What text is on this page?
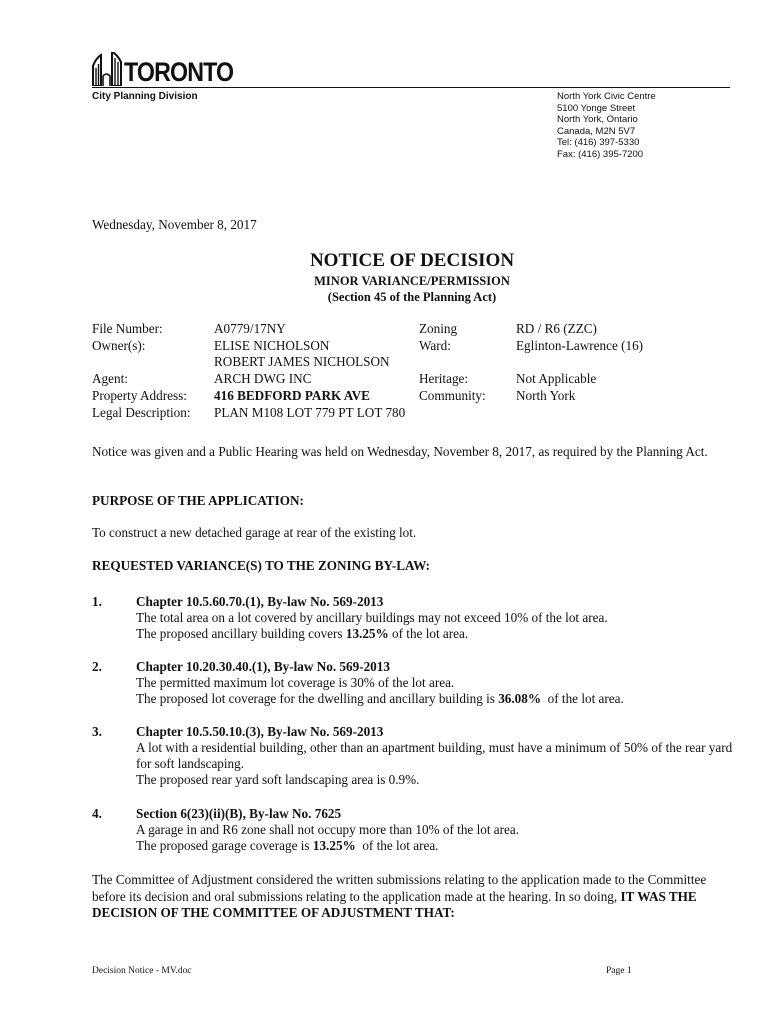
TORONTO
City Planning Division	North York Civic Centre
5100 Yonge Street
North York, Ontario
Canada, M2N 5V7
Tel: (416) 397-5330
Fax: (416) 395-7200
Wednesday, November 8, 2017
NOTICE OF DECISION
MINOR VARIANCE/PERMISSION
(Section 45 of the Planning Act)
File Number:	A0779/17NY	Zoning	RD / R6 (ZZC)
Owner(s):	ELISE NICHOLSON	Ward:	Eglinton-Lawrence (16)
ROBERT JAMES NICHOLSON
Agent:	ARCH DWG INC	Heritage:	Not Applicable
Property Address: 416 BEDFORD PARK AVE	Community: North York
Legal Description: PLAN M108 LOT 779 PT LOT 780
Notice was given and a Public Hearing was held on Wednesday, November 8, 2017, as required by the Planning Act.
PURPOSE OF THE APPLICATION:
To construct a new detached garage at rear of the existing lot.
REQUESTED VARIANCE(S) TO THE ZONING BY-LAW:
1.	Chapter 10.5.60.70.(1), By-law No. 569-2013
The total area on a lot covered by ancillary buildings may not exceed 10% of the lot area.
The proposed ancillary building covers 13.25% of the lot area.
2.	Chapter 10.20.30.40.(1), By-law No. 569-2013
The permitted maximum lot coverage is 30% of the lot area.
The proposed lot coverage for the dwelling and ancillary building is 36.08%  of the lot area.
3.	Chapter 10.5.50.10.(3), By-law No. 569-2013
A lot with a residential building, other than an apartment building, must have a minimum of 50% of the rear yard for soft landscaping.
The proposed rear yard soft landscaping area is 0.9%.
4.	Section 6(23)(ii)(B), By-law No. 7625
A garage in and R6 zone shall not occupy more than 10% of the lot area.
The proposed garage coverage is 13.25%  of the lot area.
The Committee of Adjustment considered the written submissions relating to the application made to the Committee before its decision and oral submissions relating to the application made at the hearing. In so doing, IT WAS THE DECISION OF THE COMMITTEE OF ADJUSTMENT THAT:
Decision Notice - MV.doc	Page 1
